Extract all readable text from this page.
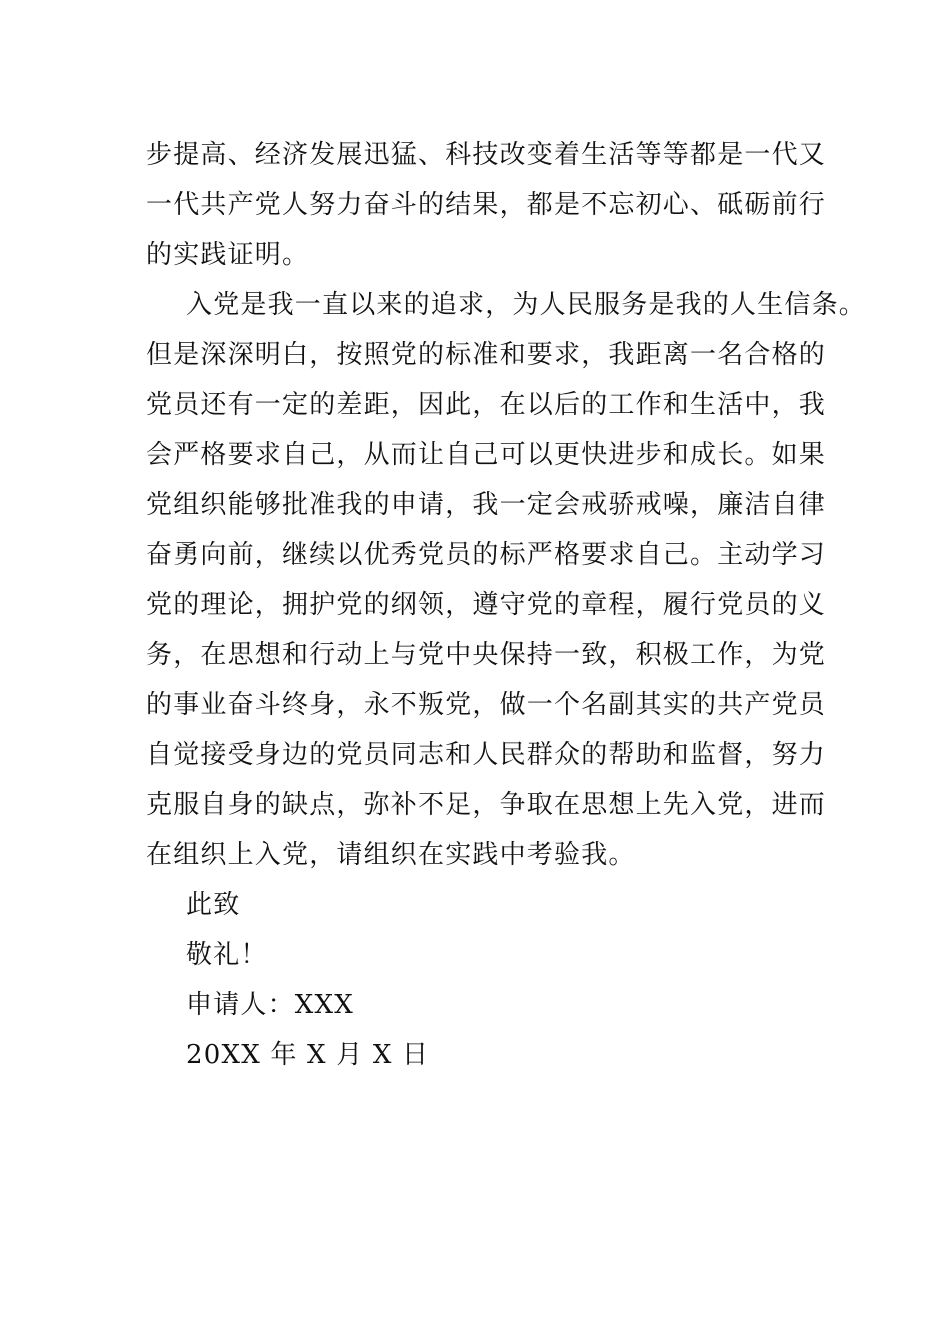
步提高、经济发展迅猛、科技改变着生活等等都是一代又
一代共产党人努力奋斗的结果，都是不忘初心、砥砺前行
的实践证明。
入党是我一直以来的追求，为人民服务是我的人生信条。
但是深深明白，按照党的标准和要求，我距离一名合格的
党员还有一定的差距，因此，在以后的工作和生活中，我
会严格要求自己，从而让自己可以更快进步和成长。如果
党组织能够批准我的申请，我一定会戒骄戒噪，廉洁自律
奋勇向前，继续以优秀党员的标严格要求自己。主动学习
党的理论，拥护党的纲领，遵守党的章程，履行党员的义
务，在思想和行动上与党中央保持一致，积极工作，为党
的事业奋斗终身，永不叛党，做一个名副其实的共产党员
自觉接受身边的党员同志和人民群众的帮助和监督，努力
克服自身的缺点，弥补不足，争取在思想上先入党，进而
在组织上入党，请组织在实践中考验我。
此致
敬礼！
申请人：XXX
20XX 年 X 月 X 日
